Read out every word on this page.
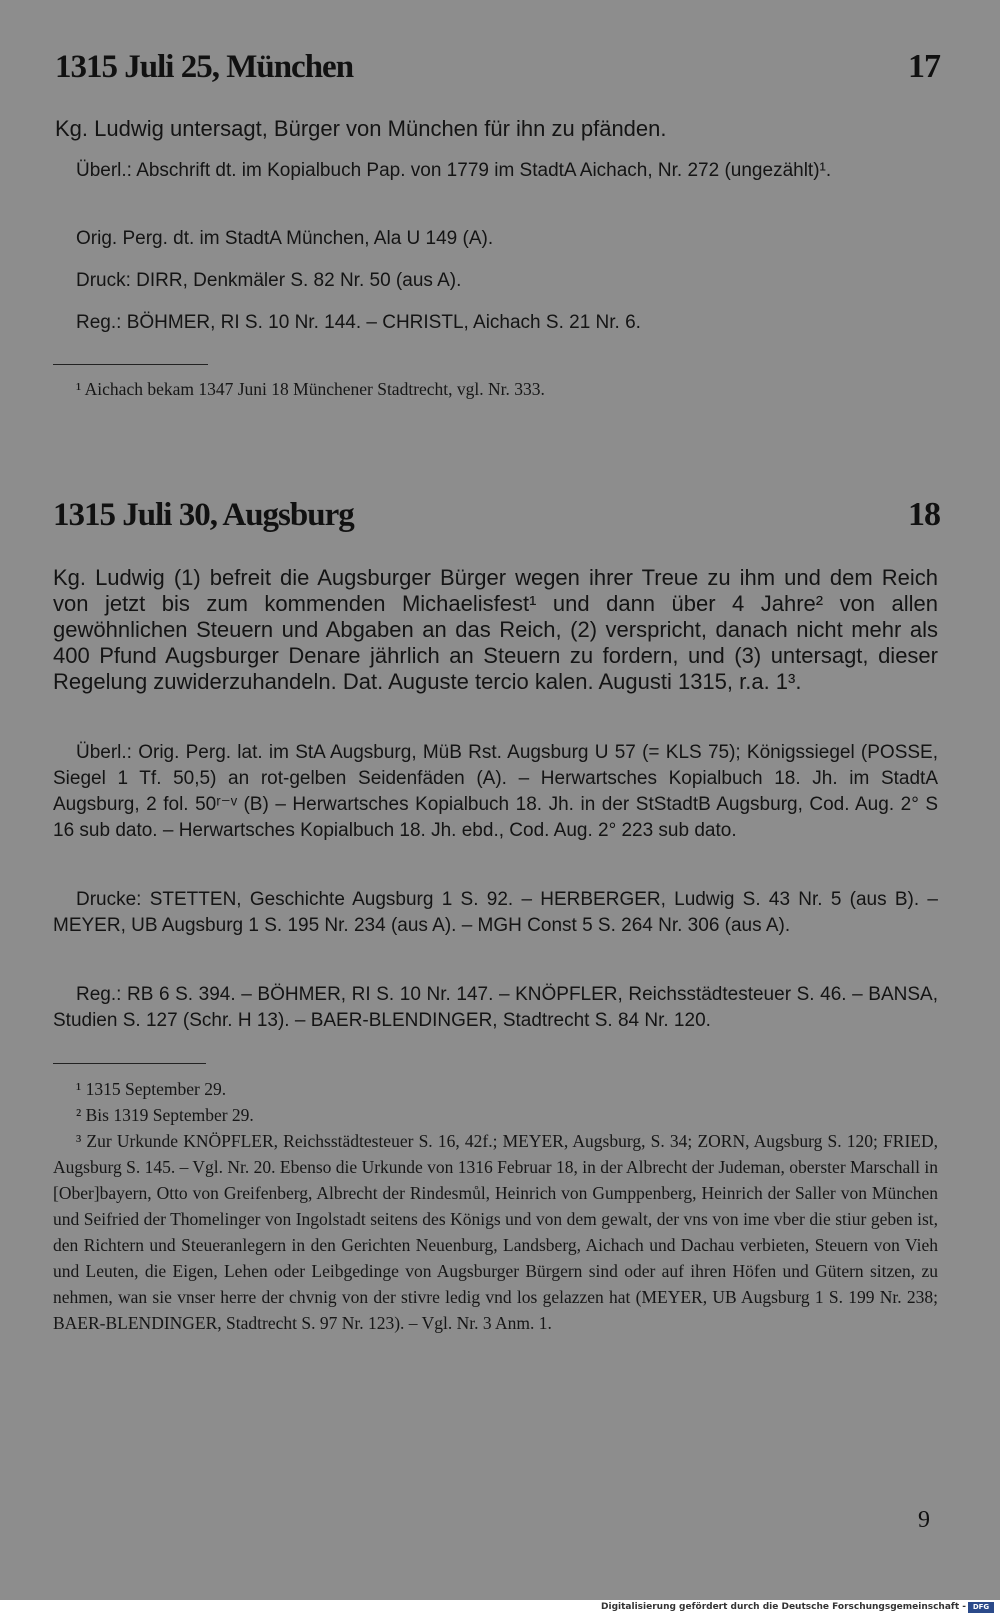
1315 Juli 25, München	17
Kg. Ludwig untersagt, Bürger von München für ihn zu pfänden.
Überl.: Abschrift dt. im Kopialbuch Pap. von 1779 im StadtA Aichach, Nr. 272 (ungezählt)¹.
Orig. Perg. dt. im StadtA München, Ala U 149 (A).
Druck: DIRR, Denkmäler S. 82 Nr. 50 (aus A).
Reg.: BÖHMER, RI S. 10 Nr. 144. – CHRISTL, Aichach S. 21 Nr. 6.
¹ Aichach bekam 1347 Juni 18 Münchener Stadtrecht, vgl. Nr. 333.
1315 Juli 30, Augsburg	18
Kg. Ludwig (1) befreit die Augsburger Bürger wegen ihrer Treue zu ihm und dem Reich von jetzt bis zum kommenden Michaelisfest¹ und dann über 4 Jahre² von allen gewöhnlichen Steuern und Abgaben an das Reich, (2) verspricht, danach nicht mehr als 400 Pfund Augsburger Denare jährlich an Steuern zu fordern, und (3) untersagt, dieser Regelung zuwiderzuhandeln. Dat. Auguste tercio kalen. Augusti 1315, r.a. 1³.
Überl.: Orig. Perg. lat. im StA Augsburg, MüB Rst. Augsburg U 57 (= KLS 75); Königssiegel (POSSE, Siegel 1 Tf. 50,5) an rot-gelben Seidenfäden (A). – Herwartsches Kopialbuch 18. Jh. im StadtA Augsburg, 2 fol. 50ʳ⁻ᵛ (B) – Herwartsches Kopialbuch 18. Jh. in der StStadtB Augsburg, Cod. Aug. 2° S 16 sub dato. – Herwartsches Kopialbuch 18. Jh. ebd., Cod. Aug. 2° 223 sub dato.
Drucke: STETTEN, Geschichte Augsburg 1 S. 92. – HERBERGER, Ludwig S. 43 Nr. 5 (aus B). – MEYER, UB Augsburg 1 S. 195 Nr. 234 (aus A). – MGH Const 5 S. 264 Nr. 306 (aus A).
Reg.: RB 6 S. 394. – BÖHMER, RI S. 10 Nr. 147. – KNÖPFLER, Reichsstädtesteuer S. 46. – BANSA, Studien S. 127 (Schr. H 13). – BAER-BLENDINGER, Stadtrecht S. 84 Nr. 120.
¹ 1315 September 29.
² Bis 1319 September 29.
³ Zur Urkunde KNÖPFLER, Reichsstädtesteuer S. 16, 42f.; MEYER, Augsburg, S. 34; ZORN, Augsburg S. 120; FRIED, Augsburg S. 145. – Vgl. Nr. 20. Ebenso die Urkunde von 1316 Februar 18, in der Albrecht der Judeman, oberster Marschall in [Ober]bayern, Otto von Greifenberg, Albrecht der Rindesmůl, Heinrich von Gumppenberg, Heinrich der Saller von München und Seifried der Thomelinger von Ingolstadt seitens des Königs und von dem gewalt, der vns von ime vber die stiur geben ist, den Richtern und Steueranlegern in den Gerichten Neuenburg, Landsberg, Aichach und Dachau verbieten, Steuern von Vieh und Leuten, die Eigen, Lehen oder Leibgedinge von Augsburger Bürgern sind oder auf ihren Höfen und Gütern sitzen, zu nehmen, wan sie vnser herre der chvnig von der stivre ledig vnd los gelazzen hat (MEYER, UB Augsburg 1 S. 199 Nr. 238; BAER-BLENDINGER, Stadtrecht S. 97 Nr. 123). – Vgl. Nr. 3 Anm. 1.
9
Digitalisierung gefördert durch die Deutsche Forschungsgemeinschaft - DFG
